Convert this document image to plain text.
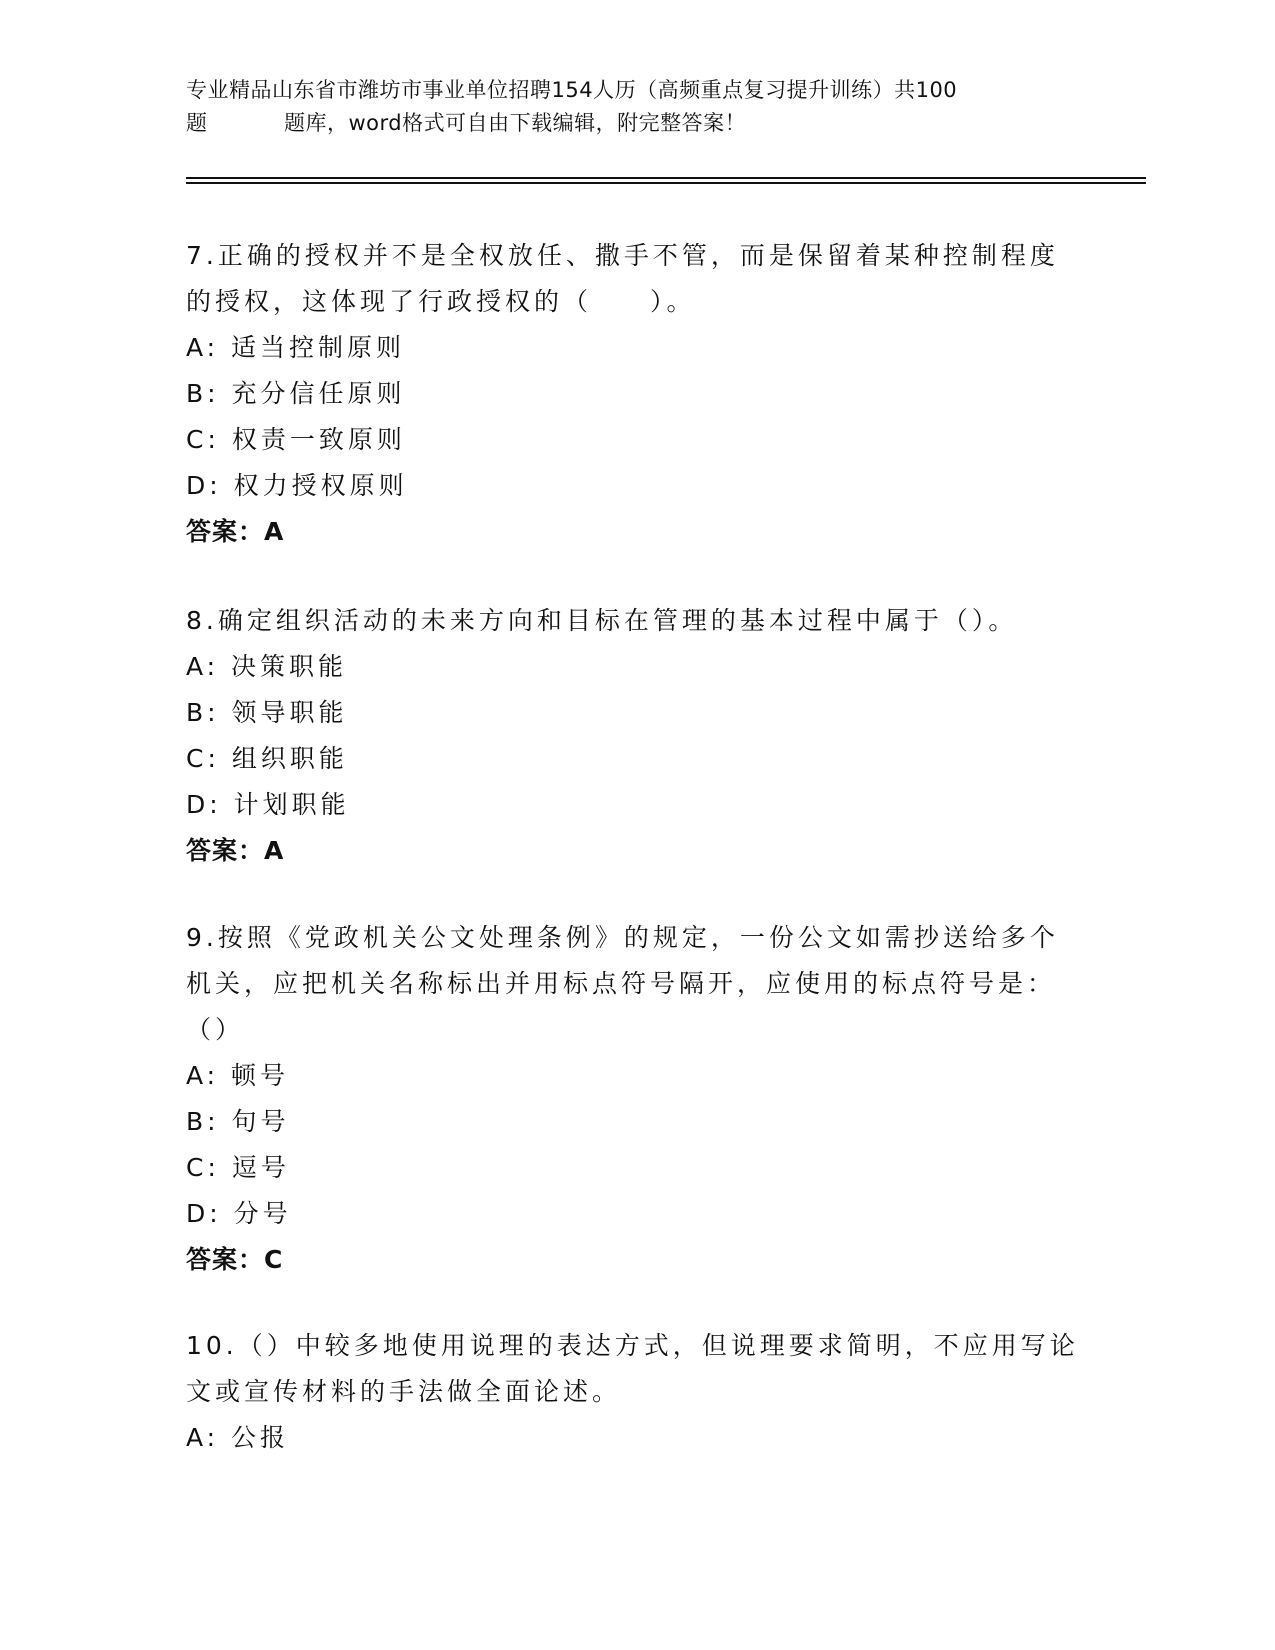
专业精品山东省市潍坊市事业单位招聘154人历（高频重点复习提升训练）共100
题	题库，word格式可自由下载编辑，附完整答案！
7.正确的授权并不是全权放任、撒手不管，而是保留着某种控制程度
的授权，这体现了行政授权的（　　）。
A: 适当控制原则
B: 充分信任原则
C: 权责一致原则
D: 权力授权原则
答案：A
8.确定组织活动的未来方向和目标在管理的基本过程中属于（）。
A: 决策职能
B: 领导职能
C: 组织职能
D: 计划职能
答案：A
9.按照《党政机关公文处理条例》的规定，一份公文如需抄送给多个
机关，应把机关名称标出并用标点符号隔开，应使用的标点符号是：
（）
A: 顿号
B: 句号
C: 逗号
D: 分号
答案：C
10.（）中较多地使用说理的表达方式，但说理要求简明，不应用写论
文或宣传材料的手法做全面论述。
A: 公报
